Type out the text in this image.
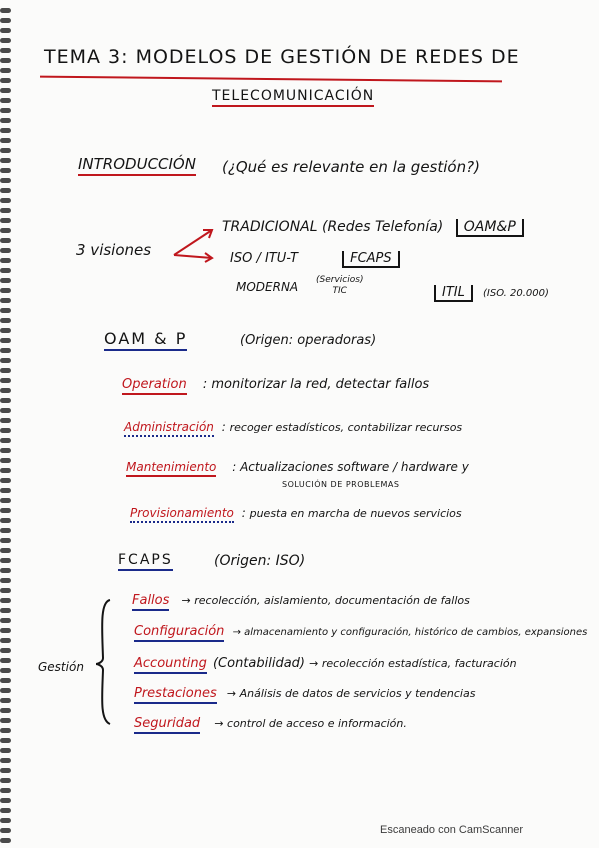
TEMA 3: MODELOS DE GESTIÓN DE REDES DE
TELECOMUNICACIÓN
INTRODUCCIÓN (¿Qué es relevante en la gestión?)
3 visiones
TRADICIONAL (Redes Telefonía) OAM&P
ISO / ITU-T	FCAPS
MODERNA (Servicios)
TIC	ITIL (ISO. 20.000)
OAM & P	(Origen: operadoras)
Operation : monitorizar la red, detectar fallos
Administración : recoger estadísticos, contabilizar recursos
Mantenimiento : Actualizaciones software / hardware y
SOLUCIÓN DE PROBLEMAS
Provisionamiento : puesta en marcha de nuevos servicios
FCAPS	(Origen: ISO)
Gestión
Fallos → recolección, aislamiento, documentación de fallos
Configuración → almacenamiento y configuración, histórico de cambios, expansiones
Accounting (Contabilidad) → recolección estadística, facturación
Prestaciones → Análisis de datos de servicios y tendencias
Seguridad → control de acceso e información.
Escaneado con CamScanner
